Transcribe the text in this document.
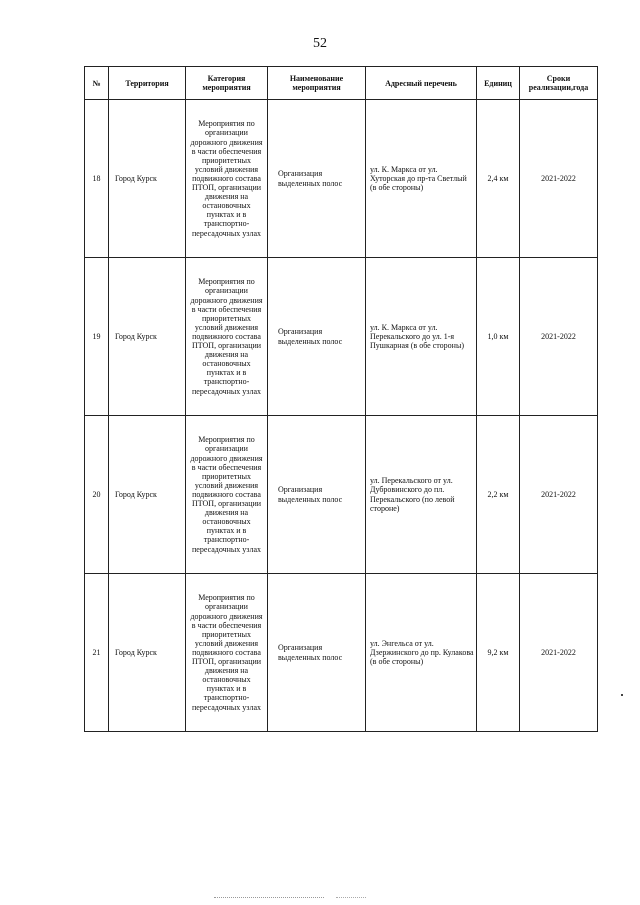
52
№	Территория	Категория мероприятия	Наименование мероприятия	Адресный перечень	Единиц	Сроки реализации,года
18	Город Курск	Мероприятия по организации дорожного движения в части обеспечения приоритетных условий движения подвижного состава ПТОП, организации движения на остановочных пунктах и в транспортно-пересадочных узлах	Организация выделенных полос	ул. К. Маркса от ул. Хуторская до пр-та Светлый (в обе стороны)	2,4 км	2021-2022
19	Город Курск	Мероприятия по организации дорожного движения в части обеспечения приоритетных условий движения подвижного состава ПТОП, организации движения на остановочных пунктах и в транспортно-пересадочных узлах	Организация выделенных полос	ул. К. Маркса от ул. Перекальского до ул. 1-я Пушкарная (в обе стороны)	1,0 км	2021-2022
20	Город Курск	Мероприятия по организации дорожного движения в части обеспечения приоритетных условий движения подвижного состава ПТОП, организации движения на остановочных пунктах и в транспортно-пересадочных узлах	Организация выделенных полос	ул. Перекальского от ул. Дубровинского до пл. Перекальского (по левой стороне)	2,2 км	2021-2022
21	Город Курск	Мероприятия по организации дорожного движения в части обеспечения приоритетных условий движения подвижного состава ПТОП, организации движения на остановочных пунктах и в транспортно-пересадочных узлах	Организация выделенных полос	ул. Энгельса от ул. Дзержинского до пр. Кулакова (в обе стороны)	9,2 км	2021-2022
